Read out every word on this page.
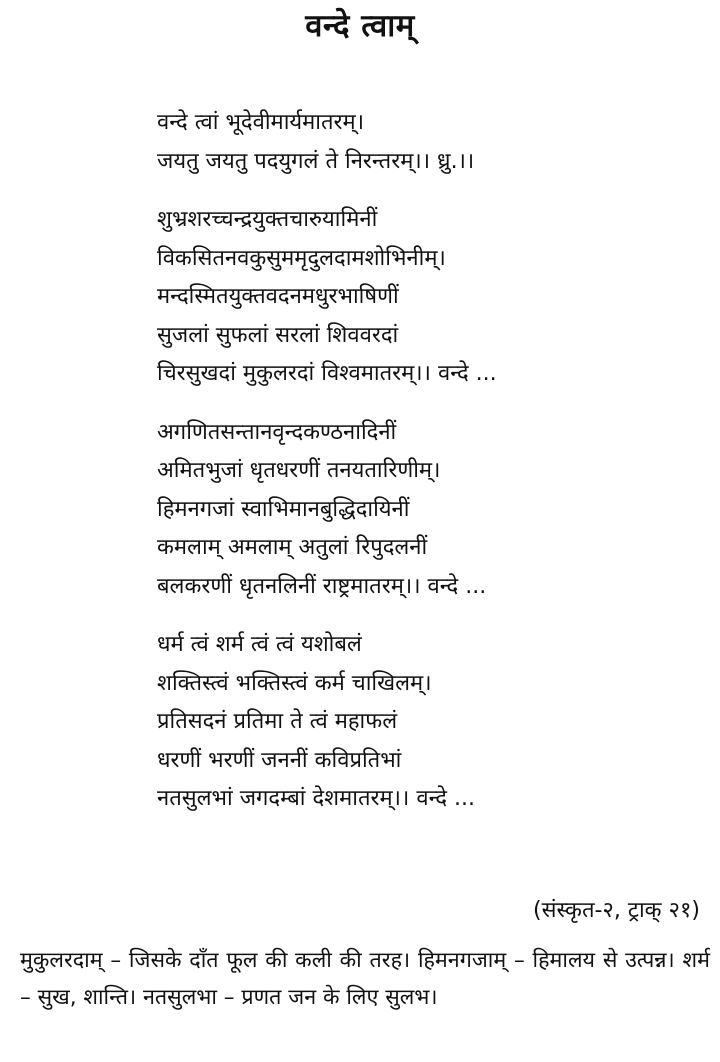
वन्दे त्वाम्
वन्दे त्वां भूदेवीमार्यमातरम्।
जयतु जयतु पदयुगलं ते निरन्तरम्।। ध्रु.।।
शुभ्रशरच्चन्द्रयुक्तचारुयामिनीं
विकसितनवकुसुममृदुलदामशोभिनीम्।
मन्दस्मितयुक्तवदनमधुरभाषिणीं
सुजलां सुफलां सरलां शिववरदां
चिरसुखदां मुकुलरदां विश्वमातरम्।। वन्दे ...
अगणितसन्तानवृन्दकण्ठनादिनीं
अमितभुजां धृतधरणीं तनयतारिणीम्।
हिमनगजां स्वाभिमानबुद्धिदायिनीं
कमलाम् अमलाम् अतुलां रिपुदलनीं
बलकरणीं धृतनलिनीं राष्ट्रमातरम्।। वन्दे ...
धर्म त्वं शर्म त्वं त्वं यशोबलं
शक्तिस्त्वं भक्तिस्त्वं कर्म चाखिलम्।
प्रतिसदनं प्रतिमा ते त्वं महाफलं
धरणीं भरणीं जननीं कविप्रतिभां
नतसुलभां जगदम्बां देशमातरम्।। वन्दे ...
(संस्कृत-२, ट्राक् २१)
मुकुलरदाम् – जिसके दाँत फूल की कली की तरह। हिमनगजाम् – हिमालय से उत्पन्न। शर्म – सुख, शान्ति। नतसुलभा – प्रणत जन के लिए सुलभ।
